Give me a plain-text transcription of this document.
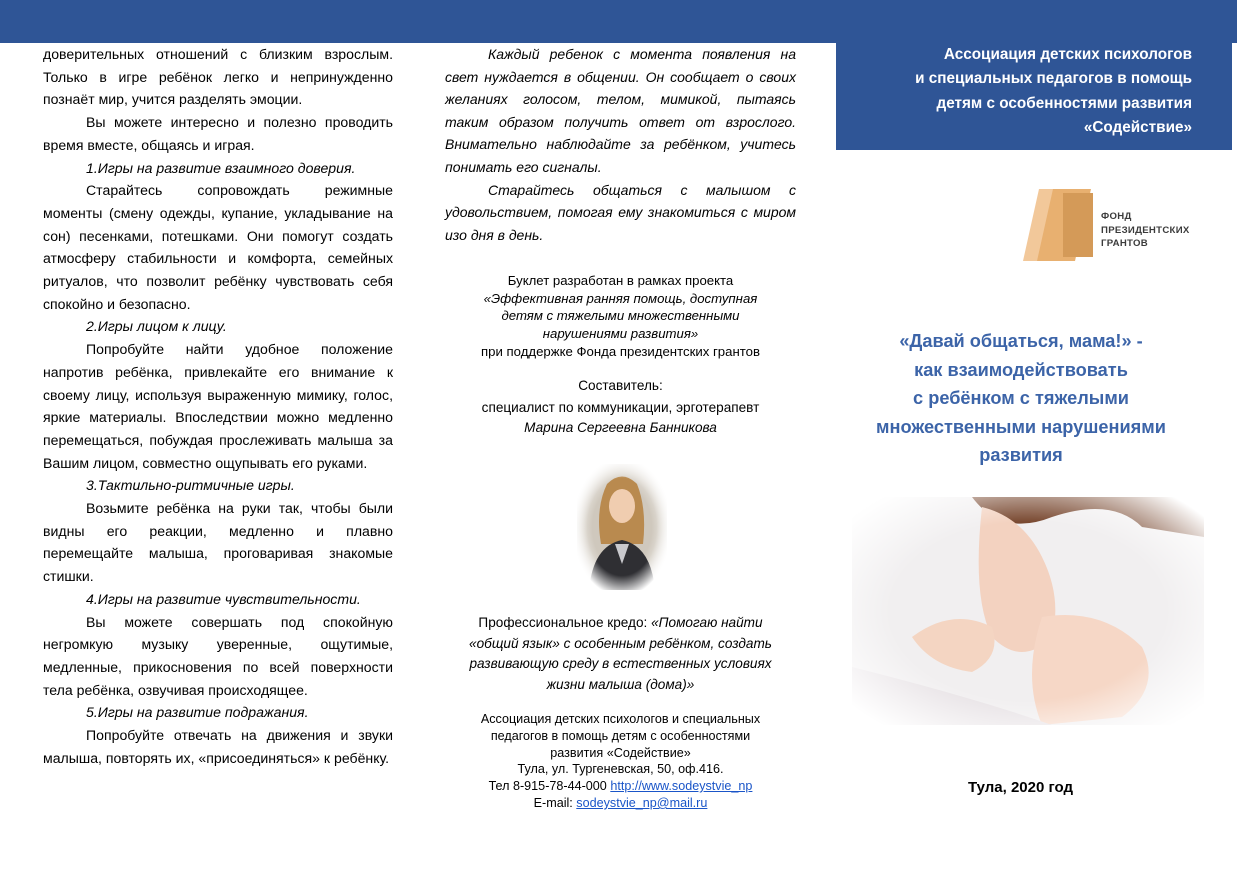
доверительных отношений с близким взрослым. Только в игре ребёнок легко и непринужденно познаёт мир, учится разделять эмоции.

Вы можете интересно и полезно проводить время вместе, общаясь и играя.

1.Игры на развитие взаимного доверия.

Старайтесь сопровождать режимные моменты (смену одежды, купание, укладывание на сон) песенками, потешками. Они помогут создать атмосферу стабильности и комфорта, семейных ритуалов, что позволит ребёнку чувствовать себя спокойно и безопасно.

2.Игры лицом к лицу.

Попробуйте найти удобное положение напротив ребёнка, привлекайте его внимание к своему лицу, используя выраженную мимику, голос, яркие материалы. Впоследствии можно медленно перемещаться, побуждая прослеживать малыша за Вашим лицом, совместно ощупывать его руками.

3.Тактильно-ритмичные игры.

Возьмите ребёнка на руки так, чтобы были видны его реакции, медленно и плавно перемещайте малыша, проговаривая знакомые стишки.

4.Игры на развитие чувствительности.

Вы можете совершать под спокойную негромкую музыку уверенные, ощутимые, медленные, прикосновения по всей поверхности тела ребёнка, озвучивая происходящее.

5.Игры на развитие подражания.

Попробуйте отвечать на движения и звуки малыша, повторять их, «присоединяться» к ребёнку.

Каждый ребенок с момента появления на свет нуждается в общении. Он сообщает о своих желаниях голосом, телом, мимикой, пытаясь таким образом получить ответ от взрослого. Внимательно наблюдайте за ребёнком, учитесь понимать его сигналы.

Старайтесь общаться с малышом с удовольствием, помогая ему знакомиться с миром изо дня в день.

Буклет разработан в рамках проекта
«Эффективная ранняя помощь, доступная детям с тяжелыми множественными нарушениями развития»
при поддержке Фонда президентских грантов
Составитель:
специалист по коммуникации, эрготерапевт
Марина Сергеевна Банникова
Профессиональное кредо: «Помогаю найти «общий язык» с особенным ребёнком, создать развивающую среду в естественных условиях жизни малыша (дома)»
Ассоциация детских психологов и специальных педагогов в помощь детям с особенностями развития «Содействие»
Тула, ул. Тургеневская, 50, оф.416.
Тел 8-915-78-44-000 http://www.sodeystvie_np
E-mail: sodeystvie_np@mail.ru
Ассоциация детских психологов
и специальных педагогов в помощь
детям с особенностями развития
«Содействие»
ФОНД
ПРЕЗИДЕНТСКИХ
ГРАНТОВ
«Давай общаться, мама!» -
как взаимодействовать
с ребёнком с тяжелыми
множественными нарушениями
развития
Тула, 2020 год
